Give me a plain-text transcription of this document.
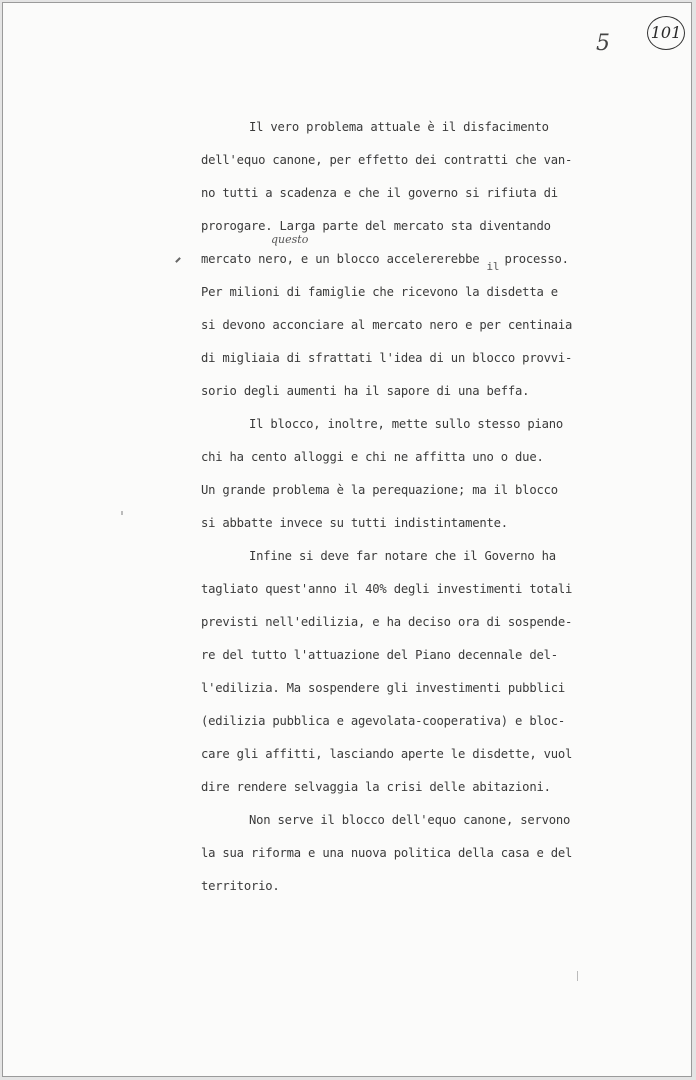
5	101
questo
Il vero problema attuale è il disfacimento
dell'equo canone, per effetto dei contratti che van-
no tutti a scadenza e che il governo si rifiuta di
prorogare. Larga parte del mercato sta diventando
mercato nero, e un blocco accelererebbe
il
processo.
Per milioni di famiglie che ricevono la disdetta e
si devono acconciare al mercato nero e per centinaia
di migliaia di sfrattati l'idea di un blocco provvi-
sorio degli aumenti ha il sapore di una beffa.
Il blocco, inoltre, mette sullo stesso piano
chi ha cento alloggi e chi ne affitta uno o due.
Un grande problema è la perequazione; ma il blocco
si abbatte invece su tutti indistintamente.
Infine si deve far notare che il Governo ha
tagliato quest'anno il 40% degli investimenti totali
previsti nell'edilizia, e ha deciso ora di sospende-
re del tutto l'attuazione del Piano decennale del-
l'edilizia. Ma sospendere gli investimenti pubblici
(edilizia pubblica e agevolata-cooperativa) e bloc-
care gli affitti, lasciando aperte le disdette, vuol
dire rendere selvaggia la crisi delle abitazioni.
Non serve il blocco dell'equo canone, servono
la sua riforma e una nuova politica della casa e del
territorio.
